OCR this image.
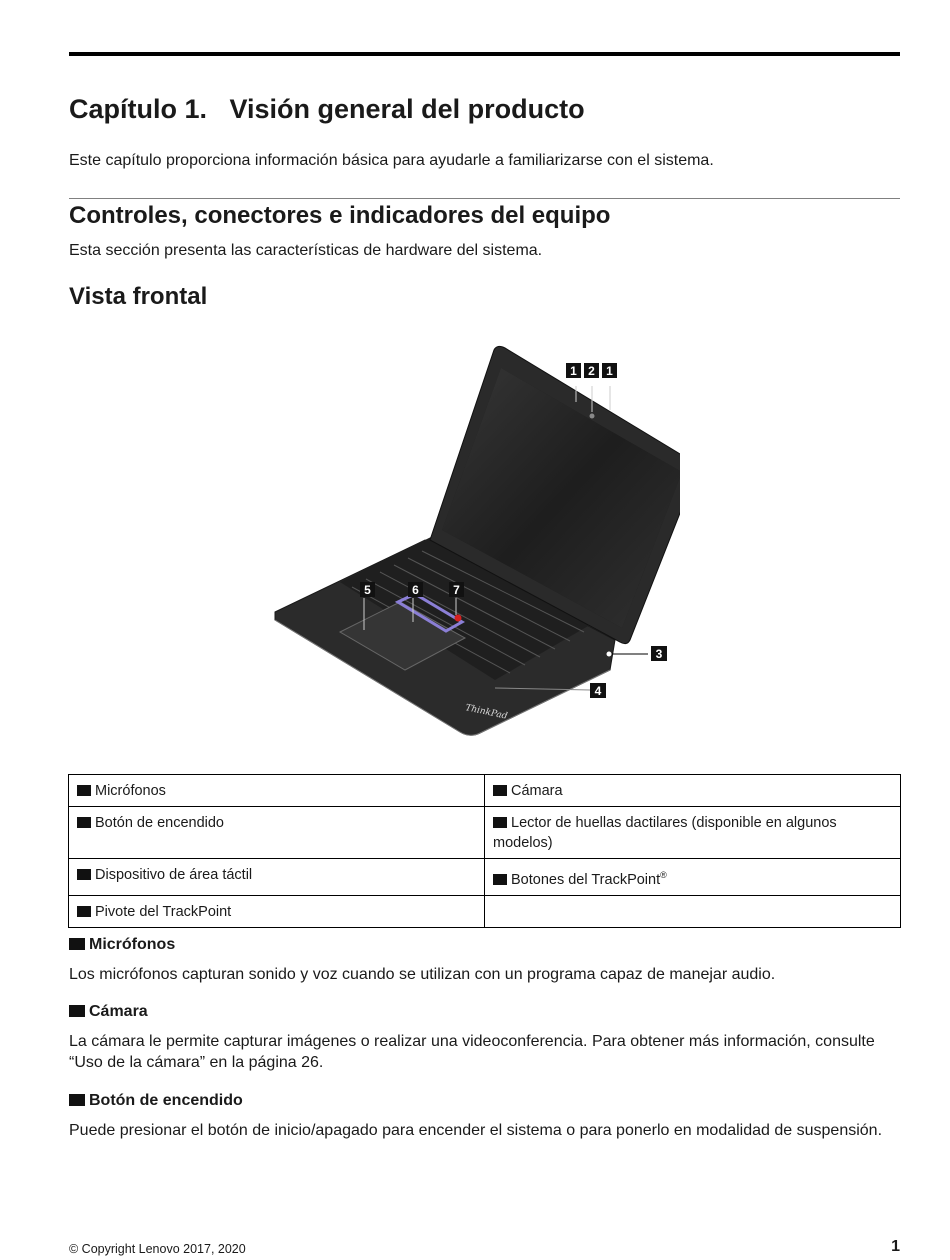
Capítulo 1.   Visión general del producto
Este capítulo proporciona información básica para ayudarle a familiarizarse con el sistema.
Controles, conectores e indicadores del equipo
Esta sección presenta las características de hardware del sistema.
Vista frontal
ThinkPad
1 2 1
3
4
5	6	7
Micrófonos	Cámara
Botón de encendido	Lector de huellas dactilares (disponible en algunos modelos)
Dispositivo de área táctil	Botones del TrackPoint®
Pivote del TrackPoint	
Micrófonos
Los micrófonos capturan sonido y voz cuando se utilizan con un programa capaz de manejar audio.
Cámara
La cámara le permite capturar imágenes o realizar una videoconferencia. Para obtener más información, consulte “Uso de la cámara” en la página 26.
Botón de encendido
Puede presionar el botón de inicio/apagado para encender el sistema o para ponerlo en modalidad de suspensión.
© Copyright Lenovo 2017, 2020	1
